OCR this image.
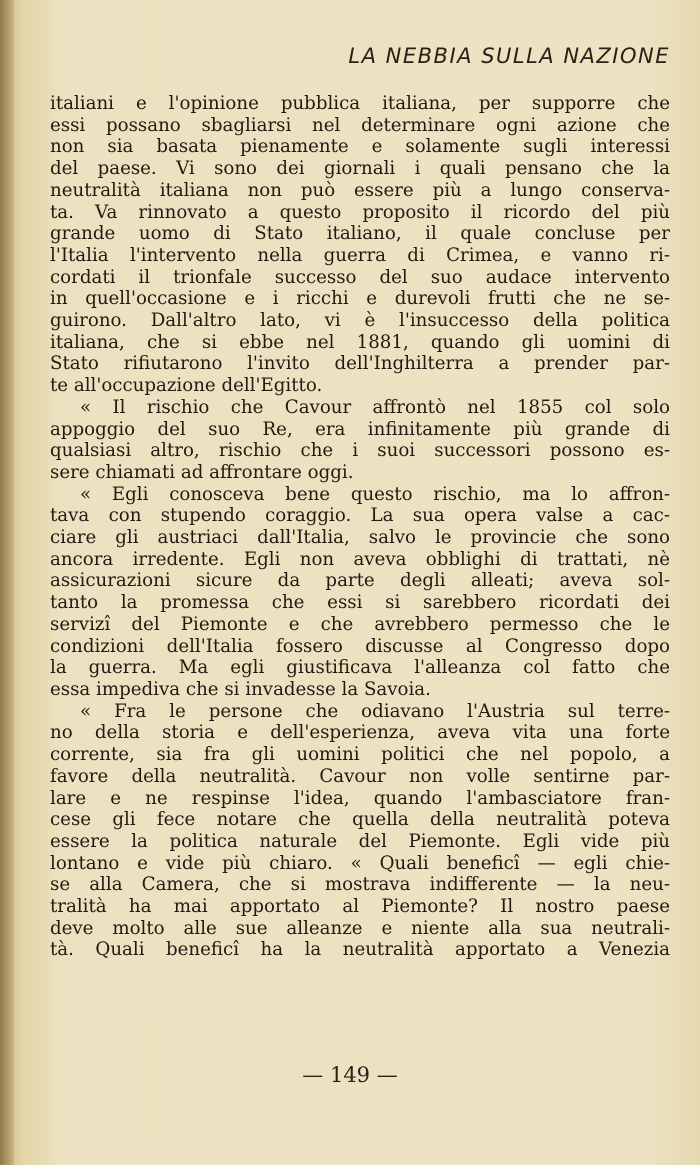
LA NEBBIA SULLA NAZIONE
italiani e l'opinione pubblica italiana, per supporre che
essi possano sbagliarsi nel determinare ogni azione che
non sia basata pienamente e solamente sugli interessi
del paese. Vi sono dei giornali i quali pensano che la
neutralità italiana non può essere più a lungo conserva-
ta. Va rinnovato a questo proposito il ricordo del più
grande uomo di Stato italiano, il quale concluse per
l'Italia l'intervento nella guerra di Crimea, e vanno ri-
cordati il trionfale successo del suo audace intervento
in quell'occasione e i ricchi e durevoli frutti che ne se-
guirono. Dall'altro lato, vi è l'insuccesso della politica
italiana, che si ebbe nel 1881, quando gli uomini di
Stato rifiutarono l'invito dell'Inghilterra a prender par-
te all'occupazione dell'Egitto.
« Il rischio che Cavour affrontò nel 1855 col solo
appoggio del suo Re, era infinitamente più grande di
qualsiasi altro, rischio che i suoi successori possono es-
sere chiamati ad affrontare oggi.
« Egli conosceva bene questo rischio, ma lo affron-
tava con stupendo coraggio. La sua opera valse a cac-
ciare gli austriaci dall'Italia, salvo le provincie che sono
ancora irredente. Egli non aveva obblighi di trattati, nè
assicurazioni sicure da parte degli alleati; aveva sol-
tanto la promessa che essi si sarebbero ricordati dei
servizî del Piemonte e che avrebbero permesso che le
condizioni dell'Italia fossero discusse al Congresso dopo
la guerra. Ma egli giustificava l'alleanza col fatto che
essa impediva che si invadesse la Savoia.
« Fra le persone che odiavano l'Austria sul terre-
no della storia e dell'esperienza, aveva vita una forte
corrente, sia fra gli uomini politici che nel popolo, a
favore della neutralità. Cavour non volle sentirne par-
lare e ne respinse l'idea, quando l'ambasciatore fran-
cese gli fece notare che quella della neutralità poteva
essere la politica naturale del Piemonte. Egli vide più
lontano e vide più chiaro. « Quali beneficî — egli chie-
se alla Camera, che si mostrava indifferente — la neu-
tralità ha mai apportato al Piemonte? Il nostro paese
deve molto alle sue alleanze e niente alla sua neutrali-
tà. Quali beneficî ha la neutralità apportato a Venezia
— 149 —
